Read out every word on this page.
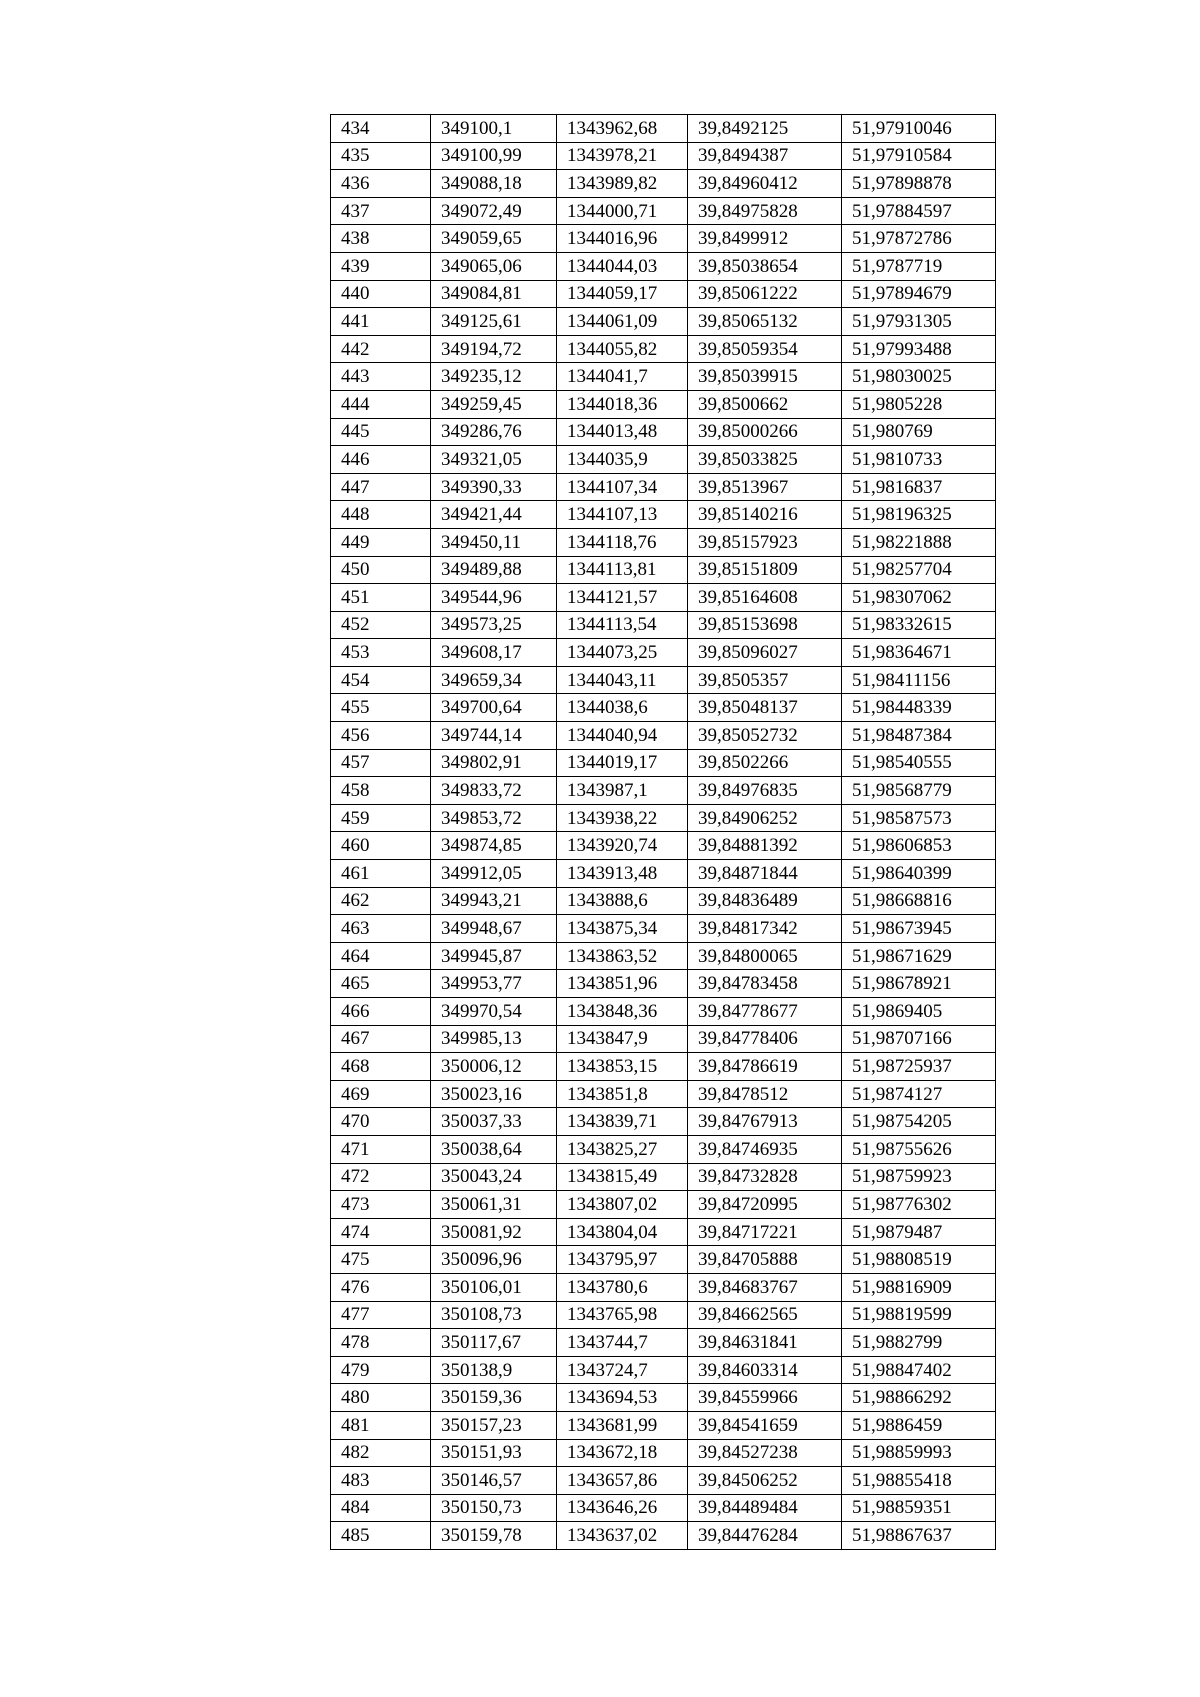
434	349100,1	1343962,68	39,8492125	51,97910046
435	349100,99	1343978,21	39,8494387	51,97910584
436	349088,18	1343989,82	39,84960412	51,97898878
437	349072,49	1344000,71	39,84975828	51,97884597
438	349059,65	1344016,96	39,8499912	51,97872786
439	349065,06	1344044,03	39,85038654	51,9787719
440	349084,81	1344059,17	39,85061222	51,97894679
441	349125,61	1344061,09	39,85065132	51,97931305
442	349194,72	1344055,82	39,85059354	51,97993488
443	349235,12	1344041,7	39,85039915	51,98030025
444	349259,45	1344018,36	39,8500662	51,9805228
445	349286,76	1344013,48	39,85000266	51,980769
446	349321,05	1344035,9	39,85033825	51,9810733
447	349390,33	1344107,34	39,8513967	51,9816837
448	349421,44	1344107,13	39,85140216	51,98196325
449	349450,11	1344118,76	39,85157923	51,98221888
450	349489,88	1344113,81	39,85151809	51,98257704
451	349544,96	1344121,57	39,85164608	51,98307062
452	349573,25	1344113,54	39,85153698	51,98332615
453	349608,17	1344073,25	39,85096027	51,98364671
454	349659,34	1344043,11	39,8505357	51,98411156
455	349700,64	1344038,6	39,85048137	51,98448339
456	349744,14	1344040,94	39,85052732	51,98487384
457	349802,91	1344019,17	39,8502266	51,98540555
458	349833,72	1343987,1	39,84976835	51,98568779
459	349853,72	1343938,22	39,84906252	51,98587573
460	349874,85	1343920,74	39,84881392	51,98606853
461	349912,05	1343913,48	39,84871844	51,98640399
462	349943,21	1343888,6	39,84836489	51,98668816
463	349948,67	1343875,34	39,84817342	51,98673945
464	349945,87	1343863,52	39,84800065	51,98671629
465	349953,77	1343851,96	39,84783458	51,98678921
466	349970,54	1343848,36	39,84778677	51,9869405
467	349985,13	1343847,9	39,84778406	51,98707166
468	350006,12	1343853,15	39,84786619	51,98725937
469	350023,16	1343851,8	39,8478512	51,9874127
470	350037,33	1343839,71	39,84767913	51,98754205
471	350038,64	1343825,27	39,84746935	51,98755626
472	350043,24	1343815,49	39,84732828	51,98759923
473	350061,31	1343807,02	39,84720995	51,98776302
474	350081,92	1343804,04	39,84717221	51,9879487
475	350096,96	1343795,97	39,84705888	51,98808519
476	350106,01	1343780,6	39,84683767	51,98816909
477	350108,73	1343765,98	39,84662565	51,98819599
478	350117,67	1343744,7	39,84631841	51,9882799
479	350138,9	1343724,7	39,84603314	51,98847402
480	350159,36	1343694,53	39,84559966	51,98866292
481	350157,23	1343681,99	39,84541659	51,9886459
482	350151,93	1343672,18	39,84527238	51,98859993
483	350146,57	1343657,86	39,84506252	51,98855418
484	350150,73	1343646,26	39,84489484	51,98859351
485	350159,78	1343637,02	39,84476284	51,98867637
